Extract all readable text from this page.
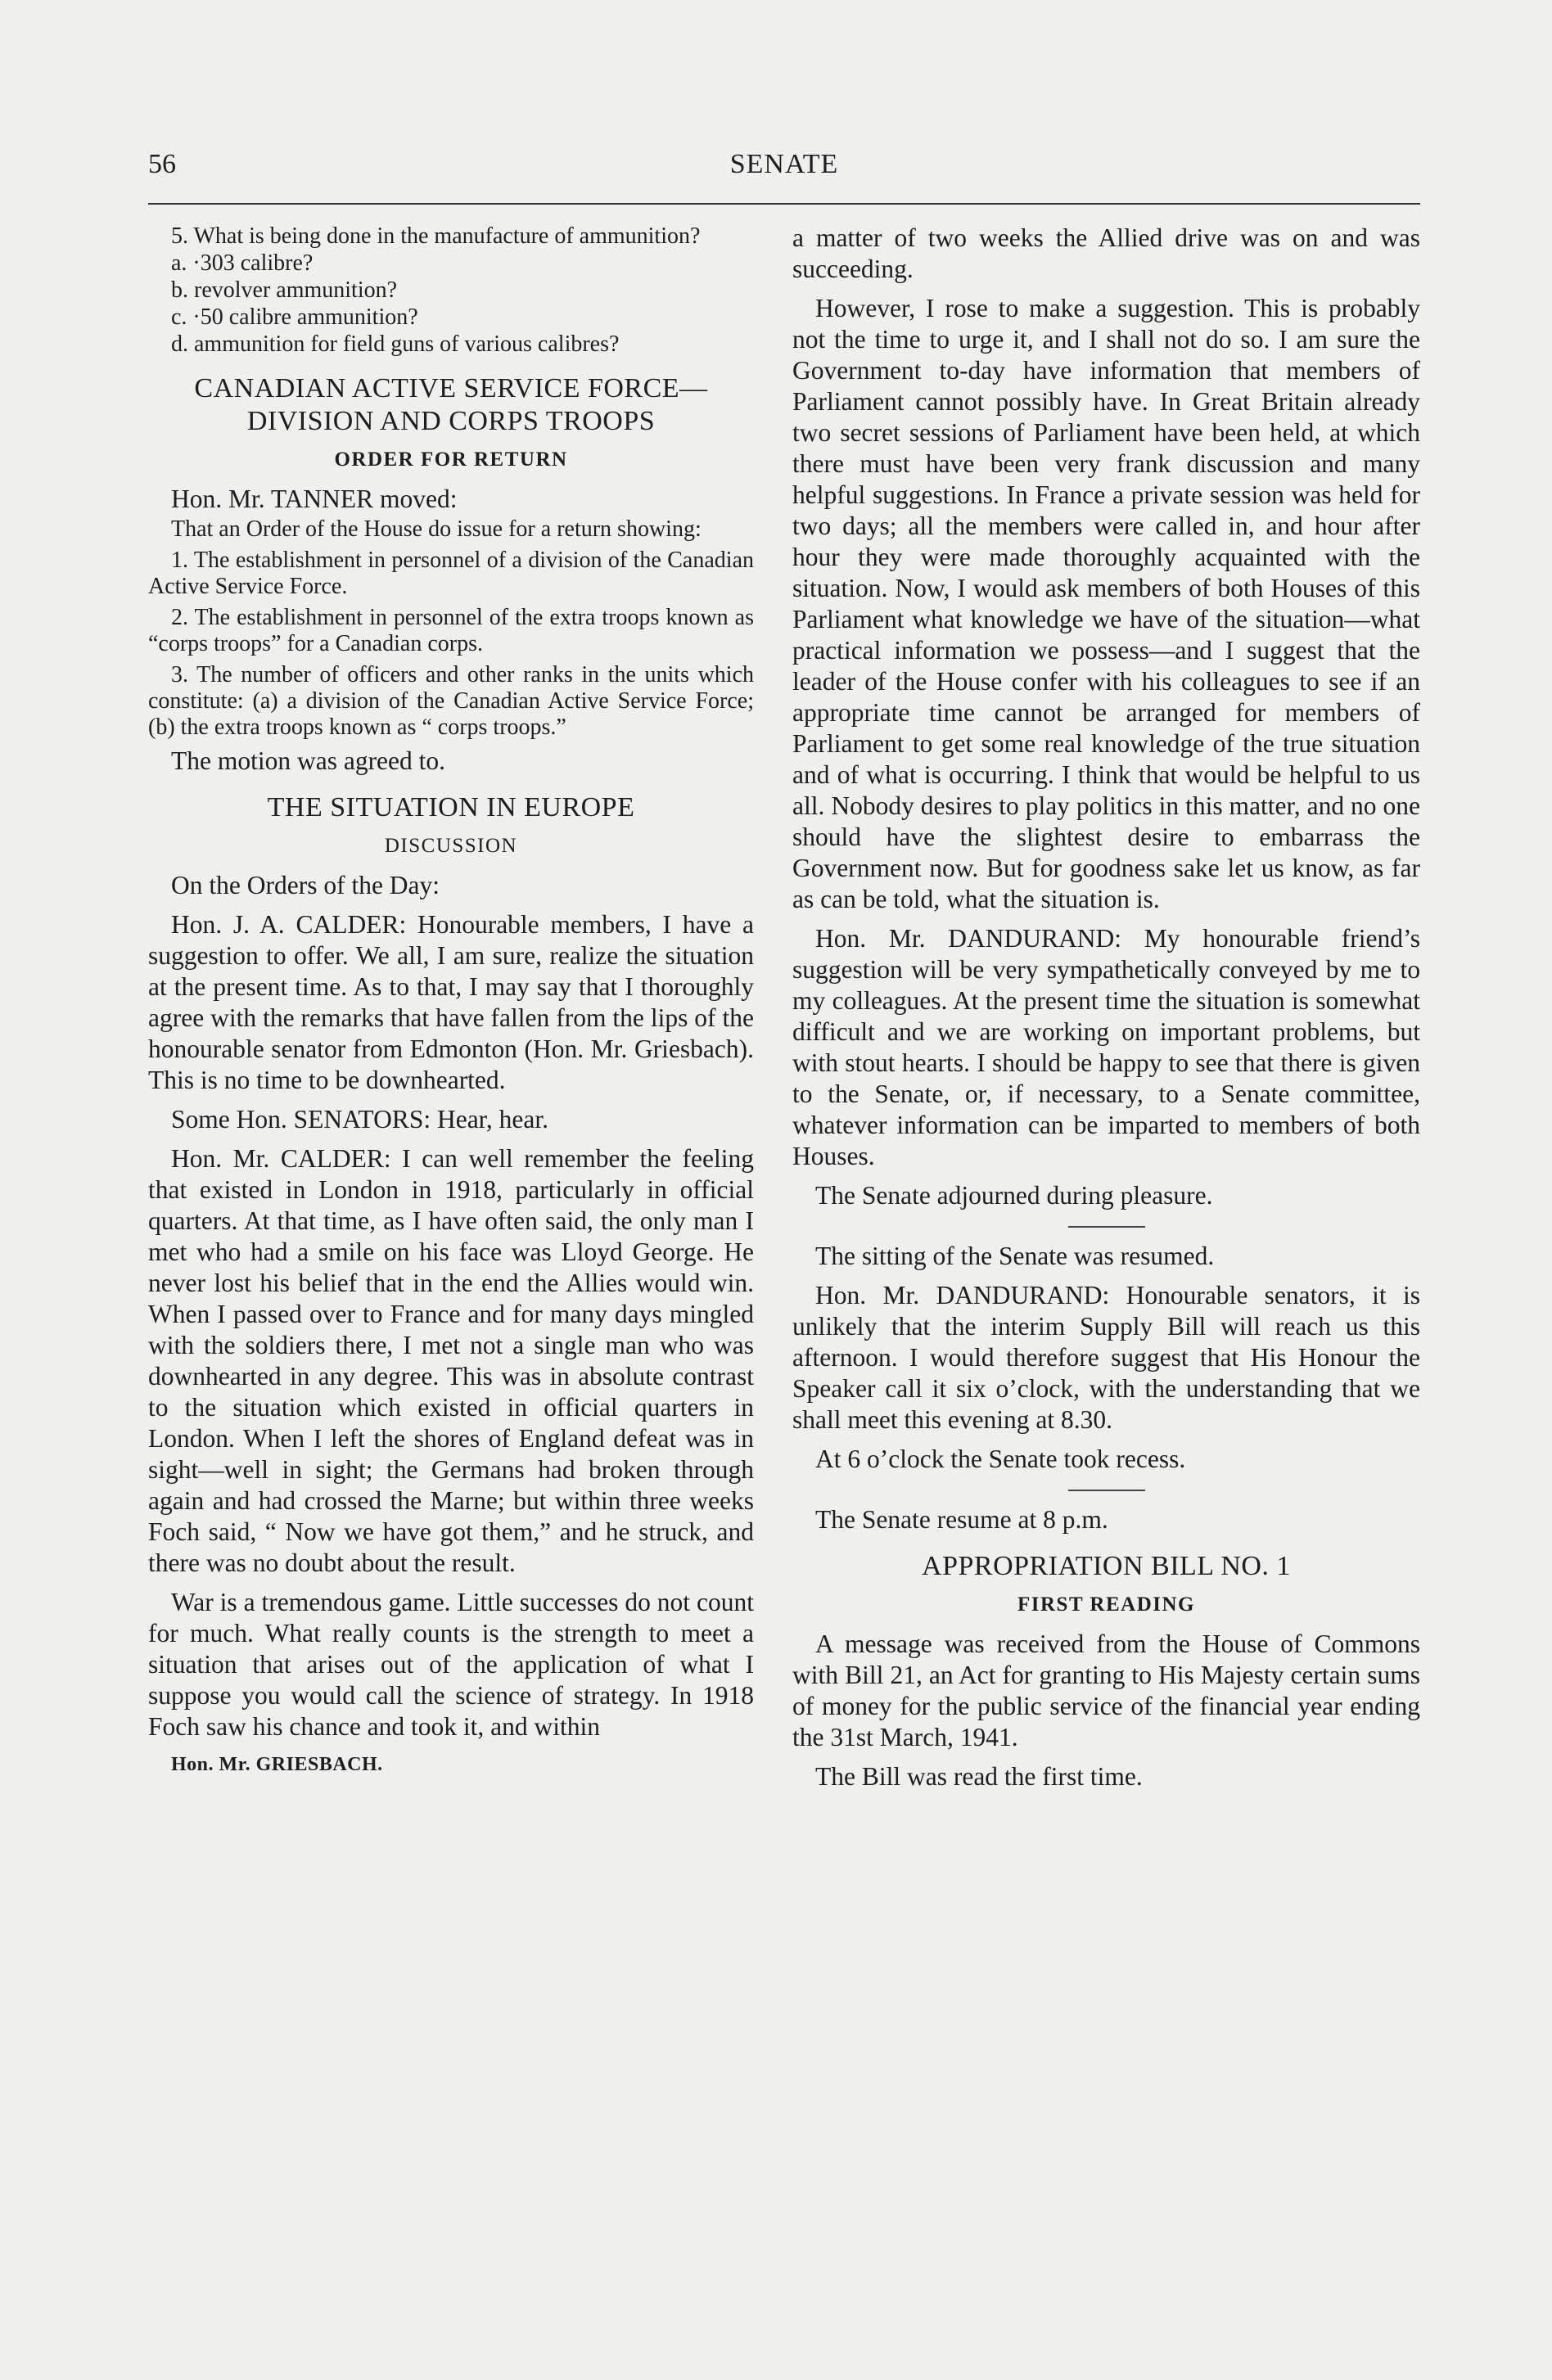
56	SENATE

5. What is being done in the manufacture of ammunition?

a. ·303 calibre?

b. revolver ammunition?

c. ·50 calibre ammunition?

d. ammunition for field guns of various calibres?

CANADIAN ACTIVE SERVICE FORCE—
DIVISION AND CORPS TROOPS
ORDER FOR RETURN

Hon. Mr. TANNER moved:

That an Order of the House do issue for a return showing:

1. The establishment in personnel of a division of the Canadian Active Service Force.

2. The establishment in personnel of the extra troops known as “corps troops” for a Canadian corps.

3. The number of officers and other ranks in the units which constitute: (a) a division of the Canadian Active Service Force; (b) the extra troops known as “ corps troops.”

The motion was agreed to.

THE SITUATION IN EUROPE
DISCUSSION

On the Orders of the Day:

Hon. J. A. CALDER: Honourable members, I have a suggestion to offer. We all, I am sure, realize the situation at the present time. As to that, I may say that I thoroughly agree with the remarks that have fallen from the lips of the honourable senator from Edmonton (Hon. Mr. Griesbach). This is no time to be downhearted.

Some Hon. SENATORS: Hear, hear.

Hon. Mr. CALDER: I can well remember the feeling that existed in London in 1918, particularly in official quarters. At that time, as I have often said, the only man I met who had a smile on his face was Lloyd George. He never lost his belief that in the end the Allies would win. When I passed over to France and for many days mingled with the soldiers there, I met not a single man who was downhearted in any degree. This was in absolute contrast to the situation which existed in official quarters in London. When I left the shores of England defeat was in sight—well in sight; the Germans had broken through again and had crossed the Marne; but within three weeks Foch said, “ Now we have got them,” and he struck, and there was no doubt about the result.

War is a tremendous game. Little successes do not count for much. What really counts is the strength to meet a situation that arises out of the application of what I suppose you would call the science of strategy. In 1918 Foch saw his chance and took it, and within

Hon. Mr. GRIESBACH.

a matter of two weeks the Allied drive was on and was succeeding.

However, I rose to make a suggestion. This is probably not the time to urge it, and I shall not do so. I am sure the Government to-day have information that members of Parliament cannot possibly have. In Great Britain already two secret sessions of Parliament have been held, at which there must have been very frank discussion and many helpful suggestions. In France a private session was held for two days; all the members were called in, and hour after hour they were made thoroughly acquainted with the situation. Now, I would ask members of both Houses of this Parliament what knowledge we have of the situation—what practical information we possess—and I suggest that the leader of the House confer with his colleagues to see if an appropriate time cannot be arranged for members of Parliament to get some real knowledge of the true situation and of what is occurring. I think that would be helpful to us all. Nobody desires to play politics in this matter, and no one should have the slightest desire to embarrass the Government now. But for goodness sake let us know, as far as can be told, what the situation is.

Hon. Mr. DANDURAND: My honourable friend’s suggestion will be very sympathetically conveyed by me to my colleagues. At the present time the situation is somewhat difficult and we are working on important problems, but with stout hearts. I should be happy to see that there is given to the Senate, or, if necessary, to a Senate committee, whatever information can be imparted to members of both Houses.

The Senate adjourned during pleasure.

The sitting of the Senate was resumed.

Hon. Mr. DANDURAND: Honourable senators, it is unlikely that the interim Supply Bill will reach us this afternoon. I would therefore suggest that His Honour the Speaker call it six o’clock, with the understanding that we shall meet this evening at 8.30.

At 6 o’clock the Senate took recess.

The Senate resume at 8 p.m.

APPROPRIATION BILL NO. 1
FIRST READING

A message was received from the House of Commons with Bill 21, an Act for granting to His Majesty certain sums of money for the public service of the financial year ending the 31st March, 1941.

The Bill was read the first time.
